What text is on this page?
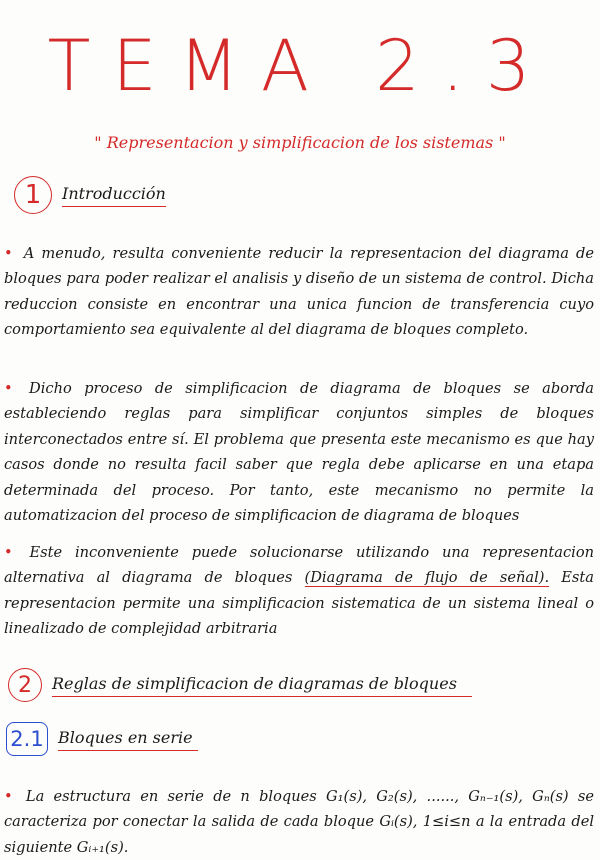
TEMA 2.3
" Representacion y simplificacion de los sistemas "
1	Introducción
• A menudo, resulta conveniente reducir la representacion del diagrama de bloques para poder realizar el analisis y diseño de un sistema de control. Dicha reduccion consiste en encontrar una unica funcion de transferencia cuyo comportamiento sea equivalente al del diagrama de bloques completo.
• Dicho proceso de simplificacion de diagrama de bloques se aborda estableciendo reglas para simplificar conjuntos simples de bloques interconectados entre sí. El problema que presenta este mecanismo es que hay casos donde no resulta facil saber que regla debe aplicarse en una etapa determinada del proceso. Por tanto, este mecanismo no permite la automatizacion del proceso de simplificacion de diagrama de bloques
• Este inconveniente puede solucionarse utilizando una representacion alternativa al diagrama de bloques (Diagrama de flujo de señal). Esta representacion permite una simplificacion sistematica de un sistema lineal o linealizado de complejidad arbitraria
2	Reglas de simplificacion de diagramas de bloques
2.1 Bloques en serie
• La estructura en serie de n bloques G₁(s), G₂(s), ......, Gₙ₋₁(s), Gₙ(s) se caracteriza por conectar la salida de cada bloque Gᵢ(s), 1≤i≤n a la entrada del siguiente Gᵢ₊₁(s).
